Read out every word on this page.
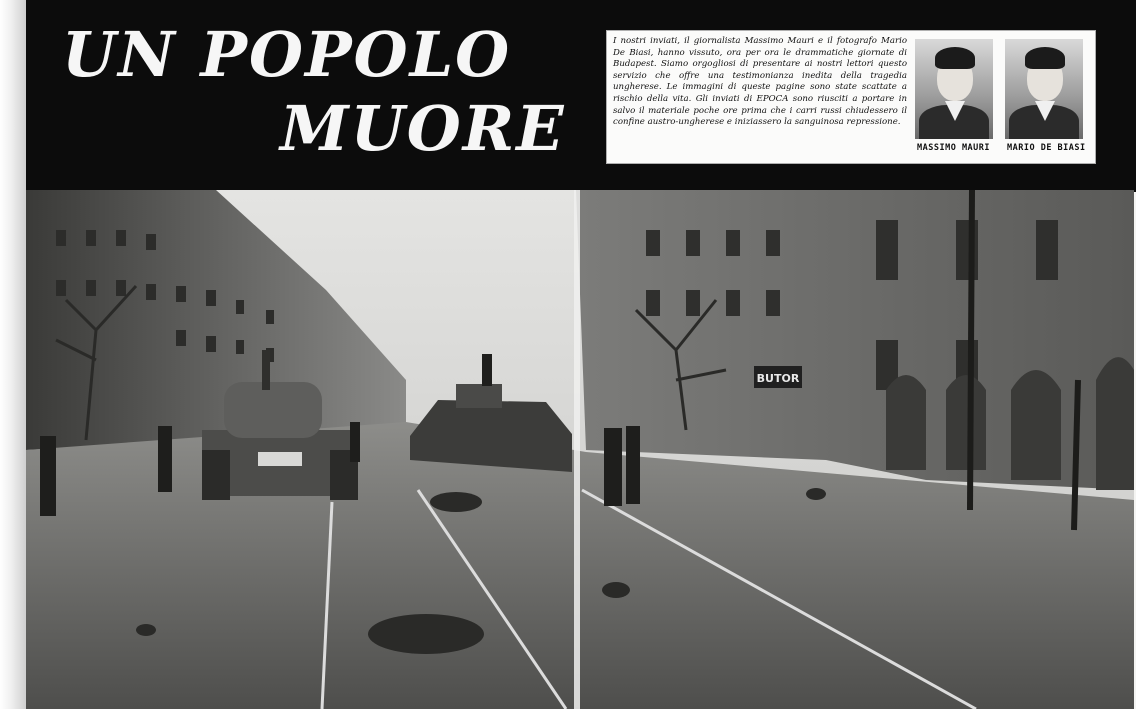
UN POPOLO
MUORE
I nostri inviati, il giornalista Massimo Mauri e il fotografo Mario De Biasi, hanno vissuto, ora per ora le drammatiche giornate di Budapest. Siamo orgogliosi di presentare ai nostri lettori questo servizio che offre una testimonianza inedita della tragedia ungherese. Le immagini di queste pagine sono state scattate a rischio della vita. Gli inviati di EPOCA sono riusciti a portare in salvo il materiale poche ore prima che i carri russi chiudessero il confine austro-ungherese e iniziassero la sanguinosa repressione.
MASSIMO MAURI MARIO DE BIASI
BUTOR
